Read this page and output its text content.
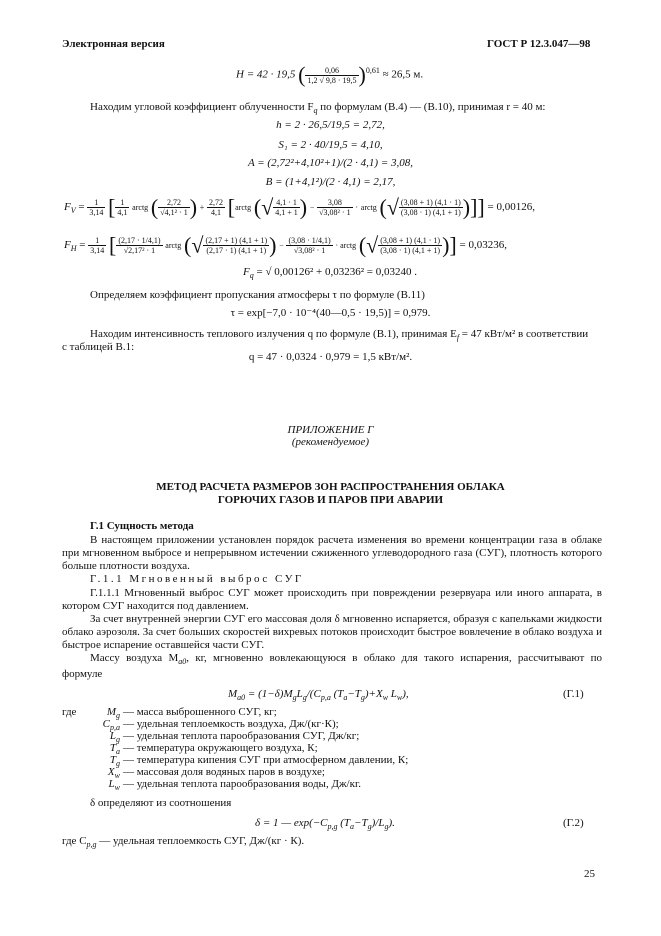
Электронная версия	ГОСТ Р 12.3.047—98
H = 42 · 19,5 ( $\frac{0,06}{1,2 √ 9,8 \cdot 19,5} )^{0,61} \approx 26,5$ м.
Находим угловой коэффициент облученности $F_q$ по формулам (В.4) — (В.10), принимая r = 40 м:
h = 2 · 26,5/19,5 = 2,72,
S₁ = 2 · 40/19,5 = 4,10,
A = (2,72²+4,10²+1)/(2 · 4,1) = 3,08,
B = (1+4,1²)/(2 · 4,1) = 2,17,
$F_V = \frac{1}{3,14}$ [ $\frac{1}{4,1}$ arctg ( $\frac{2,72}{\text{√4,1² · 1}}$ ) + $\frac{2,72}{4,1}$ [arctg (√ $\frac{4,1 \cdot 1}{4,1 + 1}$ ) − $\frac{3,08}{\text{√3,08² · 1}}$ · arctg (√ $\frac{(3,08 + 1) (4,1 \cdot 1)}{(3,08 \cdot 1) (4,1 + 1)}$ )]] = 0,00126,
$F_H = \frac{1}{3,14}$ [ $\frac{(2,17 \cdot 1/4,1)}{\text{√2,17² · 1}}$ arctg (√ $\frac{(2,17 + 1) (4,1 + 1)}{(2,17 \cdot 1) (4,1 + 1)}$ ) − $\frac{(3,08 \cdot 1/4,1)}{\text{√3,08² · 1}}$ · arctg (√ $\frac{(3,08 + 1) (4,1 \cdot 1)}{(3,08 \cdot 1) (4,1 + 1)}$ )] = 0,03236,
$F_q$ = √ 0,00126² + 0,03236² = 0,03240 .
Определяем коэффициент пропускания атмосферы τ по формуле (В.11)
τ = exp[−7,0 · 10⁻⁴(40—0,5 · 19,5)] = 0,979.
Находим интенсивность теплового излучения q по формуле (В.1), принимая $E_f = 47$ кВт/м² в соответствии
с таблицей В.1:
q = 47 · 0,0324 · 0,979 = 1,5 кВт/м².
ПРИЛОЖЕНИЕ Г
(рекомендуемое)
МЕТОД РАСЧЕТА РАЗМЕРОВ ЗОН РАСПРОСТРАНЕНИЯ ОБЛАКА
ГОРЮЧИХ ГАЗОВ И ПАРОВ ПРИ АВАРИИ
Г.1 Сущность метода
В настоящем приложении установлен порядок расчета изменения во времени концентрации газа в облаке при мгновенном выбросе и непрерывном истечении сжиженного углеводородного газа (СУГ), плотность которого больше плотности воздуха.
Г.1.1 Мгновенный выброс СУГ
Г.1.1.1 Мгновенный выброс СУГ может происходить при повреждении резервуара или иного аппарата, в котором СУГ находится под давлением.
За счет внутренней энергии СУГ его массовая доля δ мгновенно испаряется, образуя с капельками жидкости облако аэрозоля. За счет больших скоростей вихревых потоков происходит быстрое вовлечение в облако воздуха и быстрое испарение оставшейся части СУГ.
Массу воздуха $M_{a0}$, кг, мгновенно вовлекающуюся в облако для такого испарения, рассчитывают по формуле
$M_{a0} = (1-\delta)M_gL_g/(C_{p,a}$ $(T_a-T_g)+X_w$ $L_w$),	(Г.1)
где	$M_g$ — масса выброшенного СУГ, кг;
$C_{p,a}$ — удельная теплоемкость воздуха, Дж/(кг·К);
$L_g$ — удельная теплота парообразования СУГ, Дж/кг;
$T_a$ — температура окружающего воздуха, К;
$T_g$ — температура кипения СУГ при атмосферном давлении, К;
$X_w$ — массовая доля водяных паров в воздухе;
$L_w$ — удельная теплота парообразования воды, Дж/кг.
δ определяют из соотношения
δ = 1 — $\exp(-C_{p,g}$ $(T_a-T_g)/L_g$).	(Г.2)
где $C_{p,g}$ — удельная теплоемкость СУГ, Дж/(кг · К).
25
